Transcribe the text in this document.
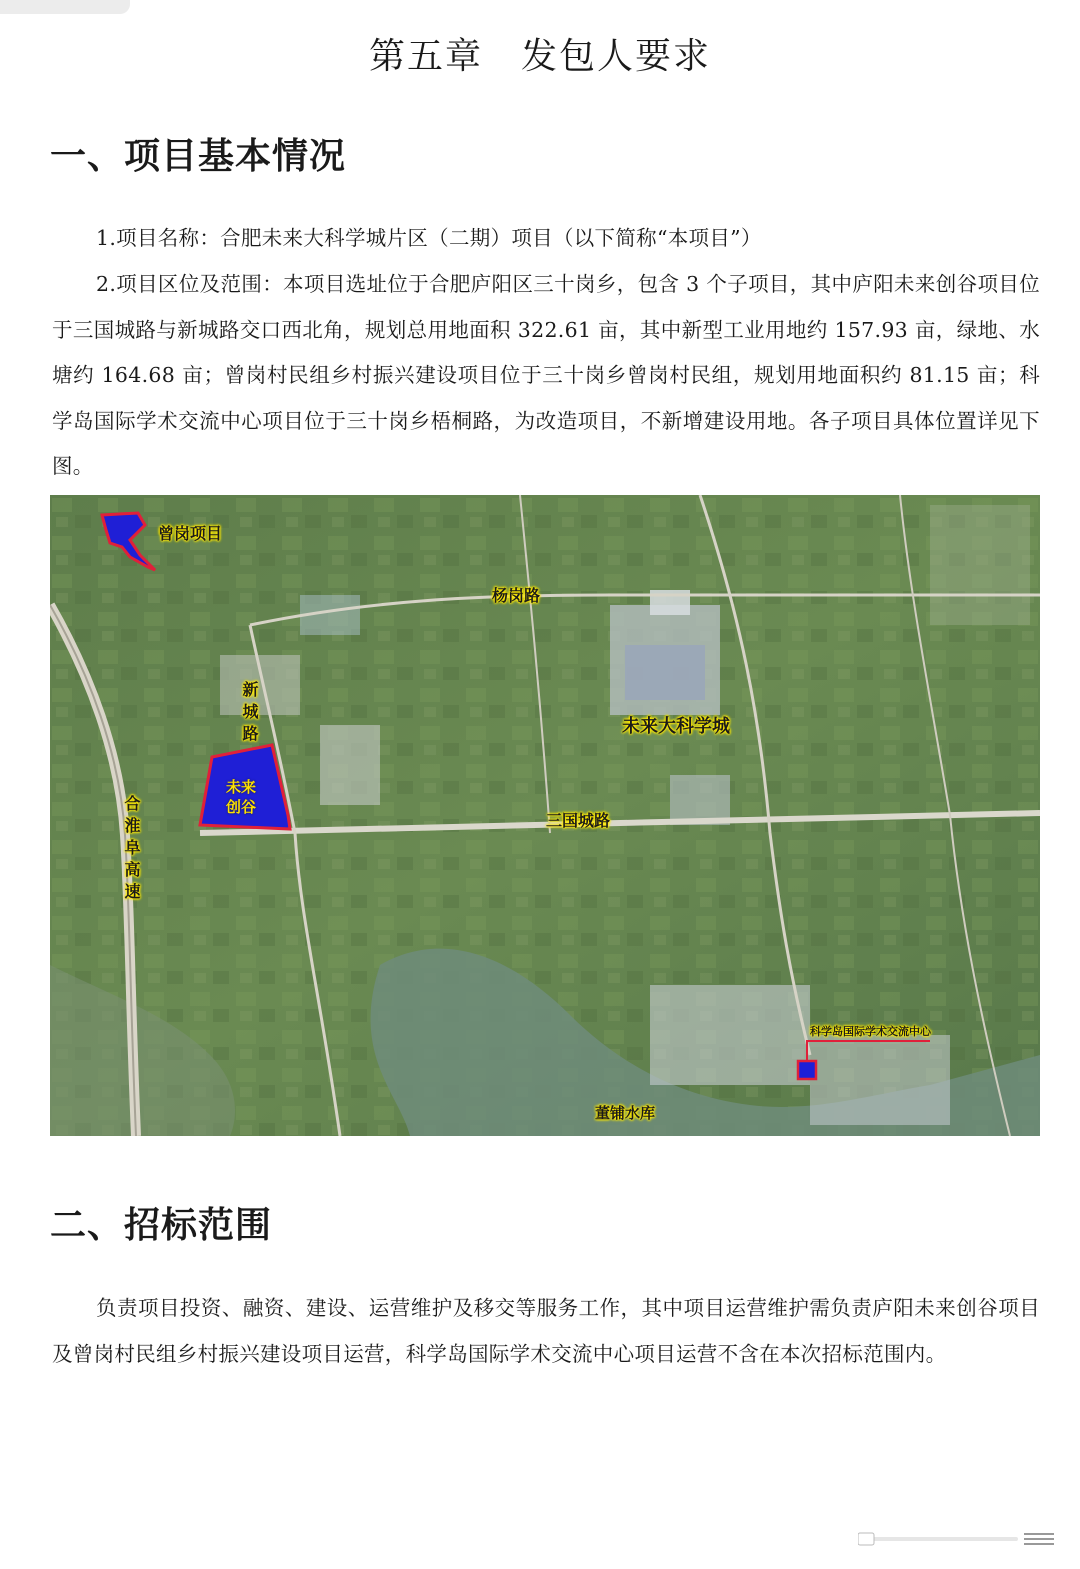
第五章　发包人要求
一、项目基本情况

1.项目名称：合肥未来大科学城片区（二期）项目（以下简称“本项目”）

2.项目区位及范围：本项目选址位于合肥庐阳区三十岗乡，包含 3 个子项目，其中庐阳未来创谷项目位于三国城路与新城路交口西北角，规划总用地面积 322.61 亩，其中新型工业用地约 157.93 亩，绿地、水塘约 164.68 亩；曾岗村民组乡村振兴建设项目位于三十岗乡曾岗村民组，规划用地面积约 81.15 亩；科学岛国际学术交流中心项目位于三十岗乡梧桐路，为改造项目，不新增建设用地。各子项目具体位置详见下图。

曾岗项目
杨岗路
新城路	未来大科学城
未来
创谷
三国城路
合淮阜高速
科学岛国际学术交流中心
董铺水库
二、招标范围

负责项目投资、融资、建设、运营维护及移交等服务工作，其中项目运营维护需负责庐阳未来创谷项目及曾岗村民组乡村振兴建设项目运营，科学岛国际学术交流中心项目运营不含在本次招标范围内。
